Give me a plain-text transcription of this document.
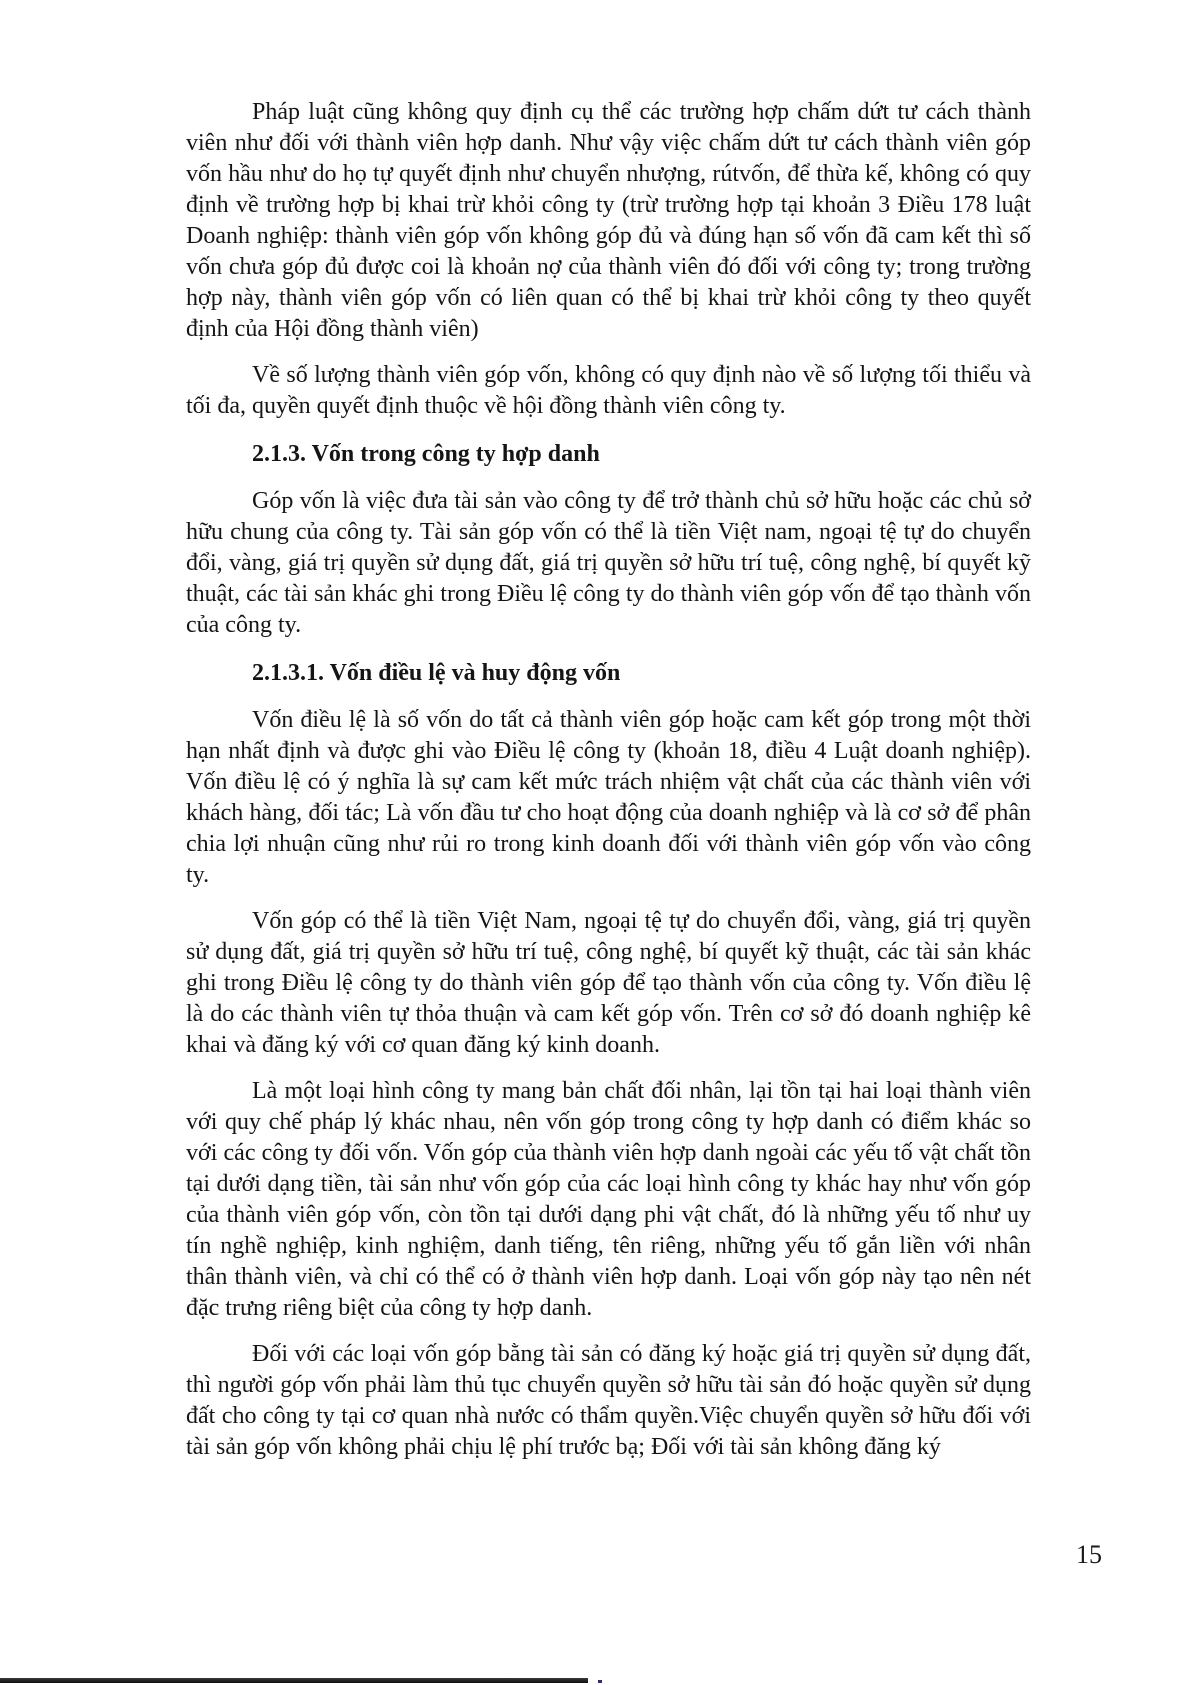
Pháp luật cũng không quy định cụ thể các trường hợp chấm dứt tư cách thành viên như đối với thành viên hợp danh. Như vậy việc chấm dứt tư cách thành viên góp vốn hầu như do họ tự quyết định như chuyển nhượng, rútvốn, để thừa kế, không có quy định về trường hợp bị khai trừ khỏi công ty (trừ trường hợp tại khoản 3 Điều 178 luật Doanh nghiệp: thành viên góp vốn không góp đủ và đúng hạn số vốn đã cam kết thì số vốn chưa góp đủ được coi là khoản nợ của thành viên đó đối với công ty; trong trường hợp này, thành viên góp vốn có liên quan có thể bị khai trừ khỏi công ty theo quyết định của Hội đồng thành viên)

Về số lượng thành viên góp vốn, không có quy định nào về số lượng tối thiểu và tối đa, quyền quyết định thuộc về hội đồng thành viên công ty.

2.1.3. Vốn trong công ty hợp danh

Góp vốn là việc đưa tài sản vào công ty để trở thành chủ sở hữu hoặc các chủ sở hữu chung của công ty. Tài sản góp vốn có thể là tiền Việt nam, ngoại tệ tự do chuyển đổi, vàng, giá trị quyền sử dụng đất, giá trị quyền sở hữu trí tuệ, công nghệ, bí quyết kỹ thuật, các tài sản khác ghi trong Điều lệ công ty do thành viên góp vốn để tạo thành vốn của công ty.

2.1.3.1. Vốn điều lệ và huy động vốn

Vốn điều lệ là số vốn do tất cả thành viên góp hoặc cam kết góp trong một thời hạn nhất định và được ghi vào Điều lệ công ty (khoản 18, điều 4 Luật doanh nghiệp). Vốn điều lệ có ý nghĩa là sự cam kết mức trách nhiệm vật chất của các thành viên với khách hàng, đối tác; Là vốn đầu tư cho hoạt động của doanh nghiệp và là cơ sở để phân chia lợi nhuận cũng như rủi ro trong kinh doanh đối với thành viên góp vốn vào công ty.

Vốn góp có thể là tiền Việt Nam, ngoại tệ tự do chuyển đổi, vàng, giá trị quyền sử dụng đất, giá trị quyền sở hữu trí tuệ, công nghệ, bí quyết kỹ thuật, các tài sản khác ghi trong Điều lệ công ty do thành viên góp để tạo thành vốn của công ty. Vốn điều lệ là do các thành viên tự thỏa thuận và cam kết góp vốn. Trên cơ sở đó doanh nghiệp kê khai và đăng ký với cơ quan đăng ký kinh doanh.

Là một loại hình công ty mang bản chất đối nhân, lại tồn tại hai loại thành viên với quy chế pháp lý khác nhau, nên vốn góp trong công ty hợp danh có điểm khác so với các công ty đối vốn. Vốn góp của thành viên hợp danh ngoài các yếu tố vật chất tồn tại dưới dạng tiền, tài sản như vốn góp của các loại hình công ty khác hay như vốn góp của thành viên góp vốn, còn tồn tại dưới dạng phi vật chất, đó là những yếu tố như uy tín nghề nghiệp, kinh nghiệm, danh tiếng, tên riêng, những yếu tố gắn liền với nhân thân thành viên, và chỉ có thể có ở thành viên hợp danh. Loại vốn góp này tạo nên nét đặc trưng riêng biệt của công ty hợp danh.

Đối với các loại vốn góp bằng tài sản có đăng ký hoặc giá trị quyền sử dụng đất, thì người góp vốn phải làm thủ tục chuyển quyền sở hữu tài sản đó hoặc quyền sử dụng đất cho công ty tại cơ quan nhà nước có thẩm quyền.Việc chuyển quyền sở hữu đối với tài sản góp vốn không phải chịu lệ phí trước bạ; Đối với tài sản không đăng ký

15
